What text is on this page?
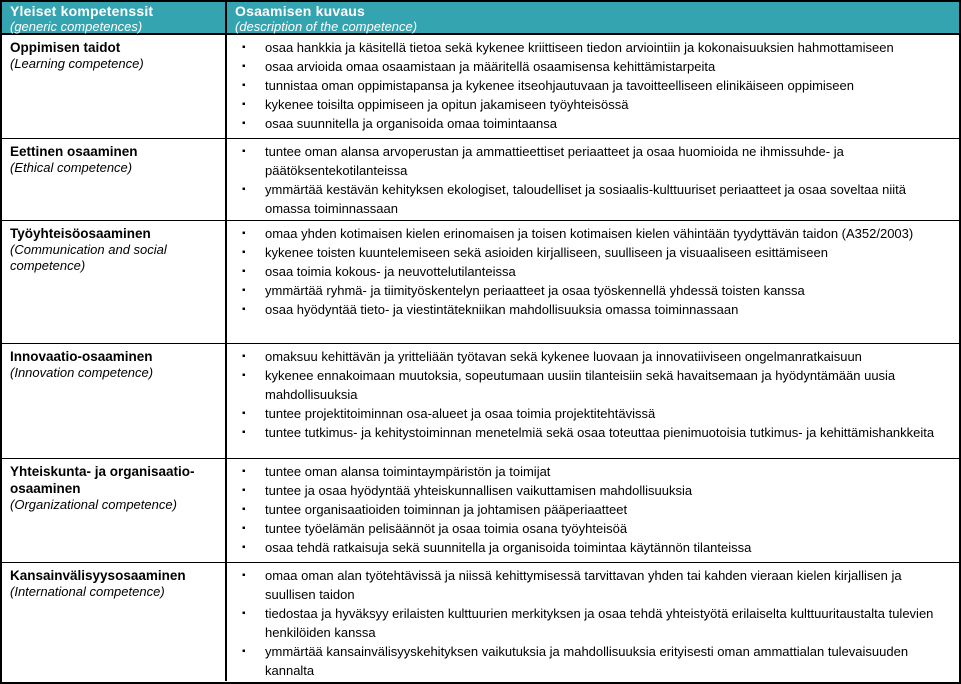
Yleiset kompetenssit
(generic competences)
Osaamisen kuvaus
(description of the competence)
Oppimisen taidot
(Learning competence)
▪ osaa hankkia ja käsitellä tietoa sekä kykenee kriittiseen tiedon arviointiin ja kokonaisuuksien hahmottamiseen
▪ osaa arvioida omaa osaamistaan ja määritellä osaamisensa kehittämistarpeita
▪ tunnistaa oman oppimistapansa ja kykenee itseohjautuvaan ja tavoitteelliseen elinikäiseen oppimiseen
▪ kykenee toisilta oppimiseen ja opitun jakamiseen työyhteisössä
▪ osaa suunnitella ja organisoida omaa toimintaansa
Eettinen osaaminen
(Ethical competence)
▪ tuntee oman alansa arvoperustan ja ammattieettiset periaatteet ja osaa huomioida ne ihmissuhde- ja päätöksentekotilanteissa
▪ ymmärtää kestävän kehityksen ekologiset, taloudelliset ja sosiaalis-kulttuuriset periaatteet ja osaa soveltaa niitä omassa toiminnassaan
Työyhteisöosaaminen
(Communication and social competence)
▪ omaa yhden kotimaisen kielen erinomaisen ja toisen kotimaisen kielen vähintään tyydyttävän taidon (A352/2003)
▪ kykenee toisten kuuntelemiseen sekä asioiden kirjalliseen, suulliseen ja visuaaliseen esittämiseen
▪ osaa toimia kokous- ja neuvottelutilanteissa
▪ ymmärtää ryhmä- ja tiimityöskentelyn periaatteet ja osaa työskennellä yhdessä toisten kanssa
▪ osaa hyödyntää tieto- ja viestintätekniikan mahdollisuuksia omassa toiminnassaan
Innovaatio-osaaminen
(Innovation competence)
▪ omaksuu kehittävän ja yritteliään työtavan sekä kykenee luovaan ja innovatiiviseen ongelmanratkaisuun
▪ kykenee ennakoimaan muutoksia, sopeutumaan uusiin tilanteisiin sekä havaitsemaan ja hyödyntämään uusia mahdollisuuksia
▪ tuntee projektitoiminnan osa-alueet ja osaa toimia projektitehtävissä
▪ tuntee tutkimus- ja kehitystoiminnan menetelmiä sekä osaa toteuttaa pienimuotoisia tutkimus- ja kehittämishankkeita
Yhteiskunta- ja organisaatio-osaaminen
(Organizational competence)
▪ tuntee oman alansa toimintaympäristön ja toimijat
▪ tuntee ja osaa hyödyntää yhteiskunnallisen vaikuttamisen mahdollisuuksia
▪ tuntee organisaatioiden toiminnan ja johtamisen pääperiaatteet
▪ tuntee työelämän pelisäännöt ja osaa toimia osana työyhteisöä
▪ osaa tehdä ratkaisuja sekä suunnitella ja organisoida toimintaa käytännön tilanteissa
Kansainvälisyysosaaminen
(International competence)
▪ omaa oman alan työtehtävissä ja niissä kehittymisessä tarvittavan yhden tai kahden vieraan kielen kirjallisen ja suullisen taidon
▪ tiedostaa ja hyväksyy erilaisten kulttuurien merkityksen ja osaa tehdä yhteistyötä erilaiselta kulttuuritaustalta tulevien henkilöiden kanssa
▪ ymmärtää kansainvälisyyskehityksen vaikutuksia ja mahdollisuuksia erityisesti oman ammattialan tulevaisuuden kannalta
